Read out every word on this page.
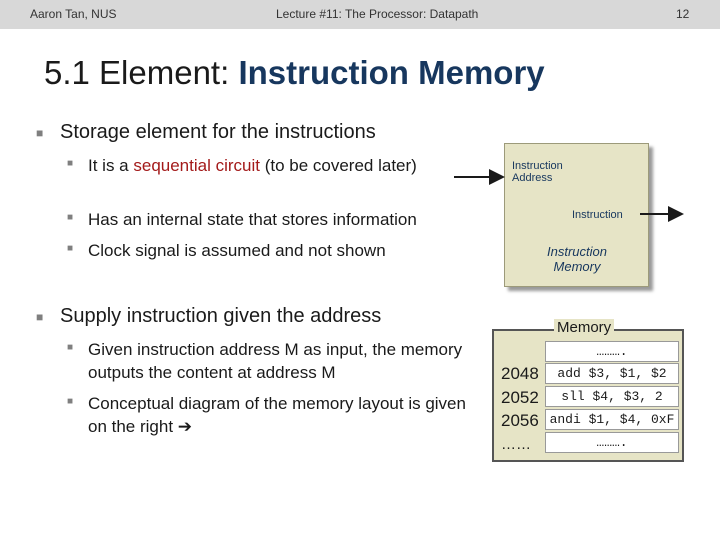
Aaron Tan, NUS	Lecture #11: The Processor: Datapath	12
5.1 Element: Instruction Memory
■ Storage element for the instructions
■ It is a sequential circuit (to be covered later)
■ Has an internal state that stores information
■ Clock signal is assumed and not shown
■ Supply instruction given the address
■ Given instruction address M as input, the memory outputs the content at address M
■ Conceptual diagram of the memory layout is given on the right ➔
Instruction
Address
Instruction
Instruction
Memory
Memory
……….
add $3, $1, $2
sll $4, $3, 2
andi $1, $4, 0xF
……….
2048
2052
2056
……
